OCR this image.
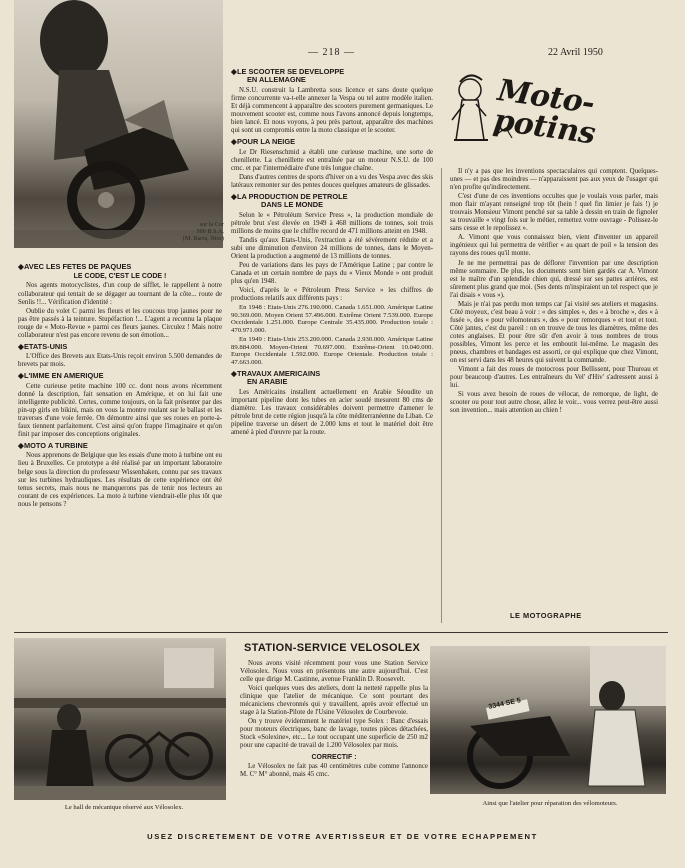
— 218 —	22 Avril 1950
sur la Cor
500 B.S.A.
(M. Barra, Nice)
◆AVEC LES FETES DE PAQUES
LE CODE, C'EST LE CODE !

Nos agents motocyclistes, d'un coup de sifflet, le rappellent à notre collaborateur qui tentait de se dégager au tournant de la côte... route de Senlis !!... Vérification d'identité :

Oublie du volet C parmi les fleurs et les coucous trop jaunes pour ne pas être passés à la teinture. Stupéfaction !... L'agent a reconnu la plaque rouge de « Moto-Revue » parmi ces fleurs jaunes. Circulez ! Mais notre collaborateur n'est pas encore revenu de son émotion...

◆ETATS-UNIS

L'Office des Brevets aux Etats-Unis reçoit environ 5.500 demandes de brevets par mois.

◆L'IMME EN AMERIQUE

Cette curieuse petite machine 100 cc. dont nous avons récemment donné la description, fait sensation en Amérique, et on lui fait une intelligente publicité. Certes, comme toujours, on la fait présenter par des pin-up girls en bikini, mais on vous la montre roulant sur le ballast et les traverses d'une voie ferrée. On démontre ainsi que ses roues en porte-à-faux tiennent parfaitement. C'est ainsi qu'on frappe l'imaginaire et qu'on finit par imposer des conceptions originales.

◆MOTO A TURBINE

Nous apprenons de Belgique que les essais d'une moto à turbine ont eu lieu à Bruxelles. Ce prototype a été réalisé par un important laboratoire belge sous la direction du professeur Wissenhaken, connu par ses travaux sur les turbines hydrauliques. Les résultats de cette expérience ont été tenus secrets, mais nous ne manquerons pas de tenir nos lecteurs au courant de ces expériences. La moto à turbine viendrait-elle plus tôt que nous le pensons ?

◆LE SCOOTER SE DEVELOPPE
EN ALLEMAGNE

N.S.U. construit la Lambretta sous licence et sans doute quelque firme concurrente va-t-elle annexer la Vespa ou tel autre modèle italien. Et déjà commencent à apparaître des scooters purement germaniques. Le mouvement scooter est, comme nous l'avons annoncé depuis longtemps, bien lancé. Et nous voyons, à peu près partout, apparaître des machines qui sont un compromis entre la moto classique et le scooter.

◆POUR LA NEIGE

Le Dr Riesenschmid a établi une curieuse machine, une sorte de chenillette. La chenillette est entraînée par un moteur N.S.U. de 100 cmc. et par l'intermédiaire d'une très longue chaîne.

Dans d'autres centres de sports d'hiver on a vu des Vespa avec des skis latéraux remonter sur des pentes douces quelques amateurs de glissades.

◆LA PRODUCTION DE PETROLE
DANS LE MONDE

Selon le « Pétroléum Service Press », la production mondiale de pétrole brut s'est élevée en 1949 à 468 millions de tonnes, soit trois millions de moins que le chiffre record de 471 millions atteint en 1948.

Tandis qu'aux Etats-Unis, l'extraction a été sévèrement réduite et a subi une diminution d'environ 24 millions de tonnes, dans le Moyen-Orient la production a augmenté de 13 millions de tonnes.

Peu de variations dans les pays de l'Amérique Latine ; par contre le Canada et un certain nombre de pays du « Vieux Monde » ont produit plus qu'en 1948.

Voici, d'après le « Pétroleum Press Service » les chiffres de productions relatifs aux différents pays :

En 1948 : Etats-Unis 276.190.000. Canada 1.651.000. Amérique Latine 90.369.000. Moyen Orient 57.496.000. Extrême Orient 7.539.000. Europe Occidentale 1.251.000. Europe Centrale 35.435.000. Production totale : 470.971.000.

En 1949 : Etats-Unis 253.200.000. Canada 2.930.000. Amérique Latine 89.884.000. Moyen-Orient 70.697.000. Extrême-Orient 10.040.000. Europe Occidentale 1.592.000. Europe Orientale. Production totale : 47.663.000.

◆TRAVAUX AMERICAINS
EN ARABIE

Les Américains installent actuellement en Arabie Séoudite un important pipeline dont les tubes en acier soudé mesurent 80 cms de diamètre. Les travaux considérables doivent permettre d'amener le pétrole brut de cette région jusqu'à la côte méditerranéenne du Liban. Ce pipeline traverse un désert de 2.000 kms et tout le matériel doit être amené à pied d'œuvre par la route.

Moto-potins

Il n'y a pas que les inventions spectaculaires qui comptent. Quelques-unes — et pas des moindres — n'apparaissent pas aux yeux de l'usager qui n'en profite qu'indirectement.

C'est d'une de ces inventions occultes que je voulais vous parler, mais mon flair m'ayant renseigné trop tôt (hein ! quel fin limier je fais !) je trouvais Monsieur Vimont penché sur sa table à dessin en train de fignoler sa trouvaille « vingt fois sur le métier, remettez votre ouvrage - Polissez-le sans cesse et le repolissez ».

A. Vimont que vous connaissez bien, vient d'inventer un appareil ingénieux qui lui permettra de vérifier « au quart de poil » la tension des rayons des roues qu'il monte.

Je ne me permettrai pas de déflorer l'invention par une description même sommaire. De plus, les documents sont bien gardés car A. Vimont est le maître d'un splendide chien qui, dressé sur ses pattes arrières, est sûrement plus grand que moi. (Ses dents m'inspiraient un tel respect que je l'ai disais « vous »).

Mais je n'ai pas perdu mon temps car j'ai visité ses ateliers et magasins. Côté moyeux, c'est beau à voir : « des simples », des « à broche », des « à fusée », des « pour vélomoteurs », des « pour remorques » et tout et tout. Côté jantes, c'est du pareil : on en trouve de tous les diamètres, même des cotes anglaises. Et pour être sûr d'en avoir à tous nombres de trous possibles, Vimont les perce et les emboutit lui-même. Le magasin des pneus, chambres et bandages est assorti, ce qui explique que chez Vimont, on est servi dans les 48 heures qui suivent la commande.

Vimont a fait des roues de motocross pour Bellissent, pour Thureau et pour beaucoup d'autres. Les entraîneurs du Vel' d'Hiv' s'adressent aussi à lui.

Si vous avez besoin de roues de vélocar, de remorque, de light, de scooter ou pour tout autre chose, allez le voir... vous verrez peut-être aussi son invention... mais attention au chien !

LE MOTOGRAPHE
Le hall de mécanique réservé aux Vélosolex.
STATION-SERVICE VELOSOLEX

Nous avons visité récemment pour vous une Station Service Vélosolex. Nous vous en présentons une autre aujourd'hui. C'est celle que dirige M. Castinne, avenue Franklin D. Roosevelt.

Voici quelques vues des ateliers, dont la netteté rappelle plus la clinique que l'atelier de mécanique. Ce sont pourtant des mécaniciens chevronnés qui y travaillent, après avoir effectué un stage à la Station-Pilote de l'Usine Vélosolex de Courbevoie.

On y trouve évidemment le matériel type Solex : Banc d'essais pour moteurs électriques, banc de lavage, toutes pièces détachées, Stock «Solexine», etc... Le tout occupant une superficie de 250 m2 pour une capacité de travail de 1.200 Vélosolex par mois.

CORRECTIF :

Le Vélosolex ne fait pas 40 centimètres cube comme l'annonce M. C° M° abonné, mais 45 cmc.

3344 SE 5
Ainsi que l'atelier pour réparation des vélomoteurs.
USEZ DISCRETEMENT DE VOTRE AVERTISSEUR ET DE VOTRE ECHAPPEMENT
